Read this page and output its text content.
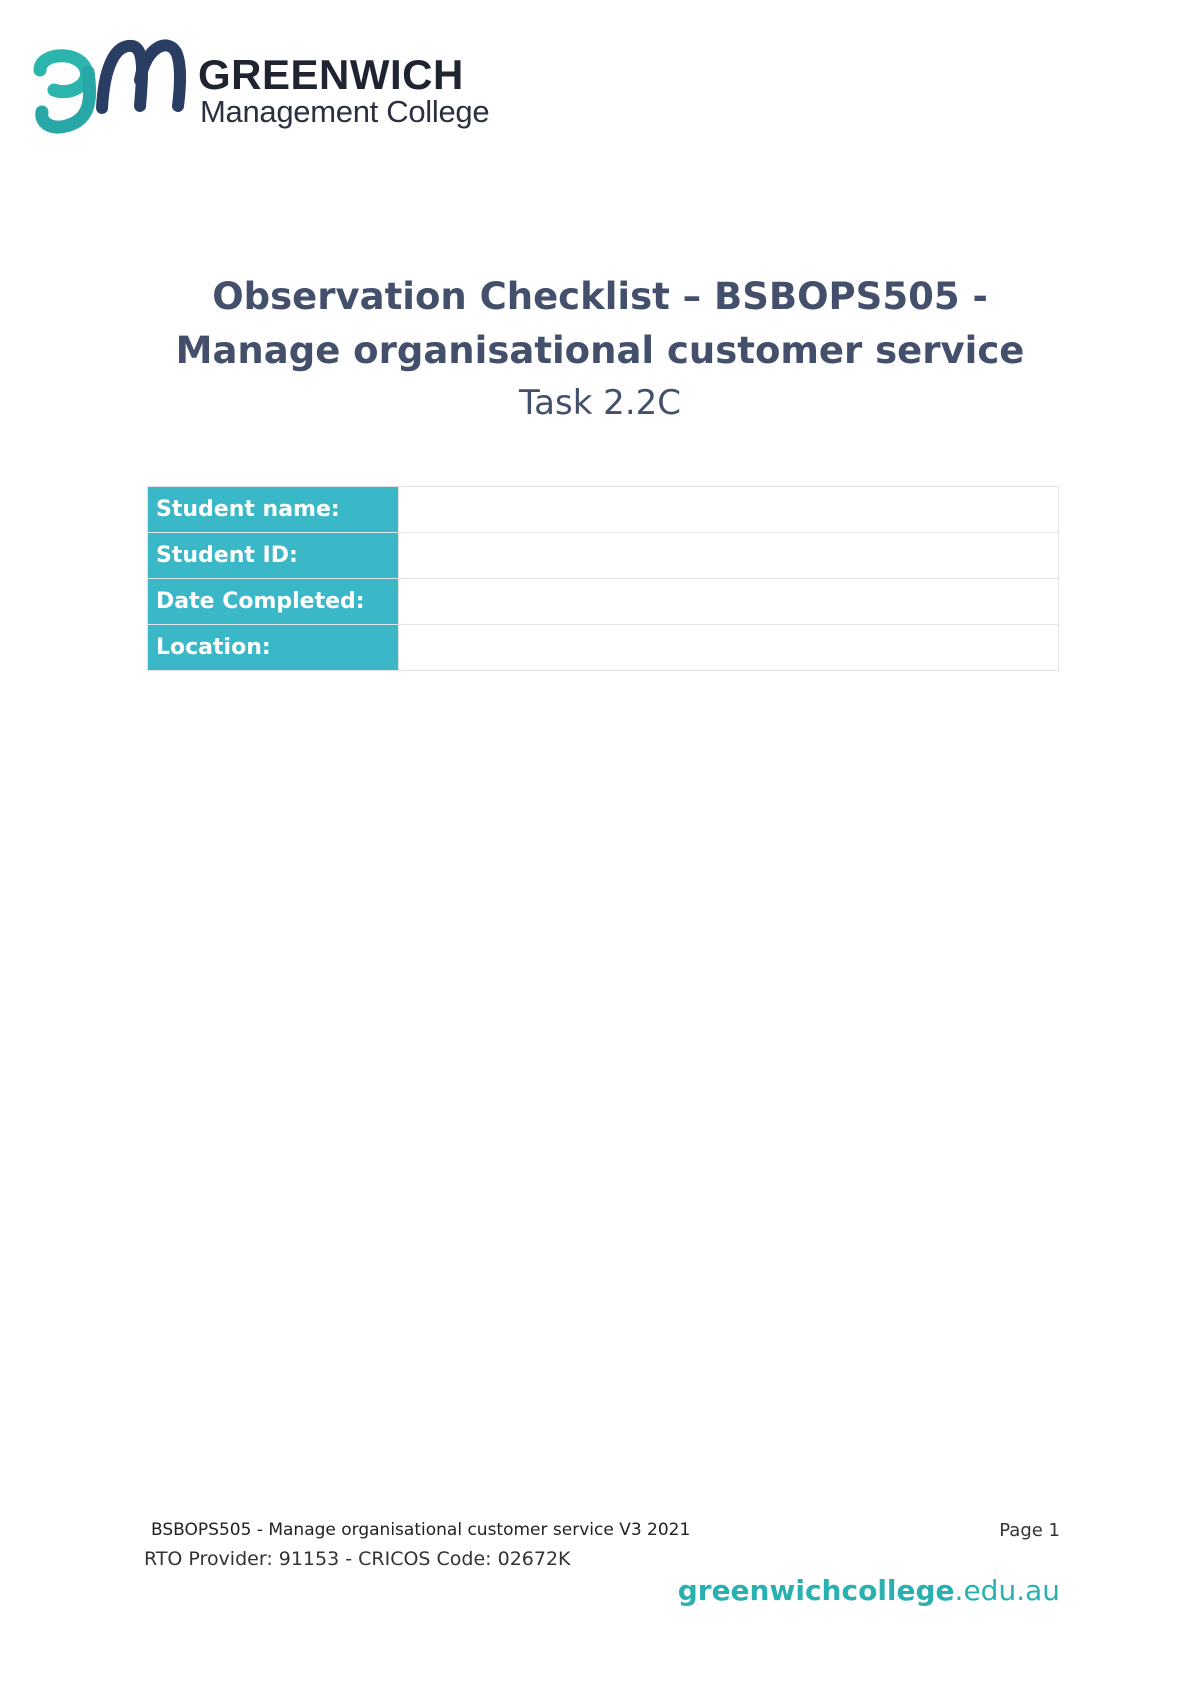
GREENWICH
Management College
Observation Checklist – BSBOPS505 -
Manage organisational customer service
Task 2.2C
Student name:	
Student ID:	
Date Completed:	
Location:	
BSBOPS505 - Manage organisational customer service V3 2021	Page 1
RTO Provider: 91153 - CRICOS Code: 02672K
greenwichcollege.edu.au
